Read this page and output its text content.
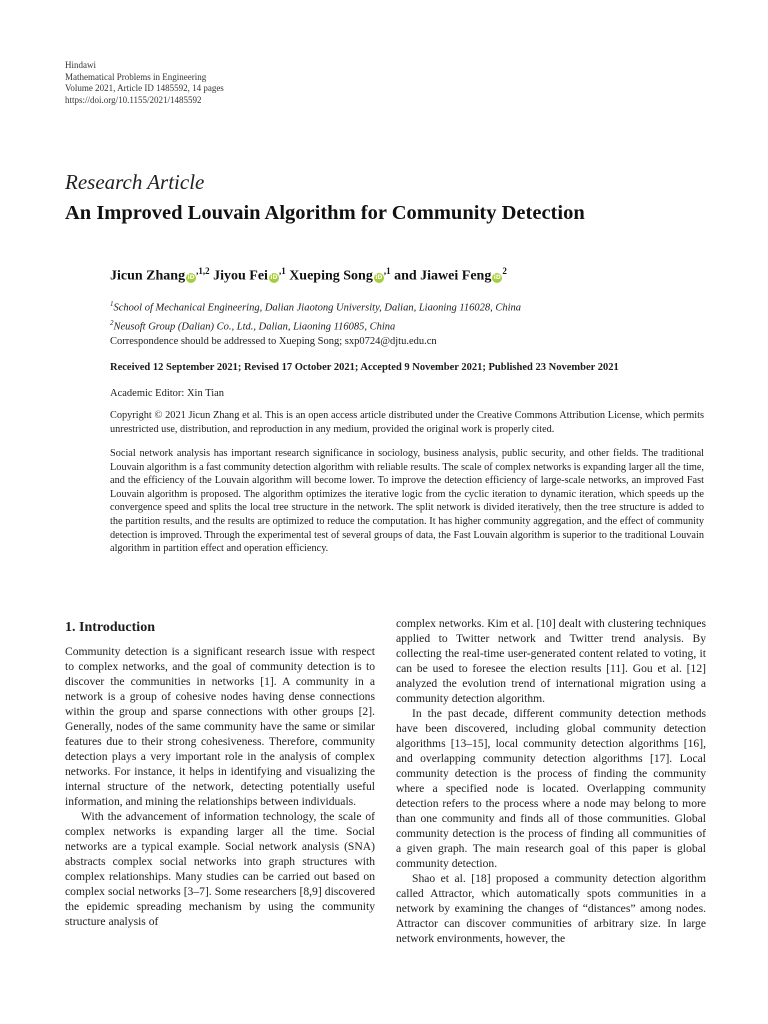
Hindawi
Mathematical Problems in Engineering
Volume 2021, Article ID 1485592, 14 pages
https://doi.org/10.1155/2021/1485592
Research Article
An Improved Louvain Algorithm for Community Detection
Jicun Zhang $iD^{,1,2}$ Jiyou Fei $iD^{,1}$ Xueping Song $iD^{,1}$ and Jiawei Feng $iD^2$
$^1$School of Mechanical Engineering, Dalian Jiaotong University, Dalian, Liaoning 116028, China
$^2$Neusoft Group (Dalian) Co., Ltd., Dalian, Liaoning 116085, China
Correspondence should be addressed to Xueping Song; sxp0724@djtu.edu.cn
Received 12 September 2021; Revised 17 October 2021; Accepted 9 November 2021; Published 23 November 2021
Academic Editor: Xin Tian
Copyright © 2021 Jicun Zhang et al. This is an open access article distributed under the Creative Commons Attribution License, which permits unrestricted use, distribution, and reproduction in any medium, provided the original work is properly cited.
Social network analysis has important research significance in sociology, business analysis, public security, and other fields. The traditional Louvain algorithm is a fast community detection algorithm with reliable results. The scale of complex networks is expanding larger all the time, and the efficiency of the Louvain algorithm will become lower. To improve the detection efficiency of large-scale networks, an improved Fast Louvain algorithm is proposed. The algorithm optimizes the iterative logic from the cyclic iteration to dynamic iteration, which speeds up the convergence speed and splits the local tree structure in the network. The split network is divided iteratively, then the tree structure is added to the partition results, and the results are optimized to reduce the computation. It has higher community aggregation, and the effect of community detection is improved. Through the experimental test of several groups of data, the Fast Louvain algorithm is superior to the traditional Louvain algorithm in partition effect and operation efficiency.
1. Introduction

Community detection is a significant research issue with respect to complex networks, and the goal of community detection is to discover the communities in networks [1]. A community in a network is a group of cohesive nodes having dense connections within the group and sparse connections with other groups [2]. Generally, nodes of the same community have the same or similar features due to their strong cohesiveness. Therefore, community detection plays a very important role in the analysis of complex networks. For instance, it helps in identifying and visualizing the internal structure of the network, detecting potentially useful information, and mining the relationships between individuals.

With the advancement of information technology, the scale of complex networks is expanding larger all the time. Social networks are a typical example. Social network analysis (SNA) abstracts complex social networks into graph structures with complex relationships. Many studies can be carried out based on complex social networks [3–7]. Some researchers [8,9] discovered the epidemic spreading mechanism by using the community structure analysis of

complex networks. Kim et al. [10] dealt with clustering techniques applied to Twitter network and Twitter trend analysis. By collecting the real-time user-generated content related to voting, it can be used to foresee the election results [11]. Gou et al. [12] analyzed the evolution trend of international migration using a community detection algorithm.

In the past decade, different community detection methods have been discovered, including global community detection algorithms [13–15], local community detection algorithms [16], and overlapping community detection algorithms [17]. Local community detection is the process of finding the community where a specified node is located. Overlapping community detection refers to the process where a node may belong to more than one community and finds all of those communities. Global community detection is the process of finding all communities of a given graph. The main research goal of this paper is global community detection.

Shao et al. [18] proposed a community detection algorithm called Attractor, which automatically spots communities in a network by examining the changes of “distances” among nodes. Attractor can discover communities of arbitrary size. In large network environments, however, the
